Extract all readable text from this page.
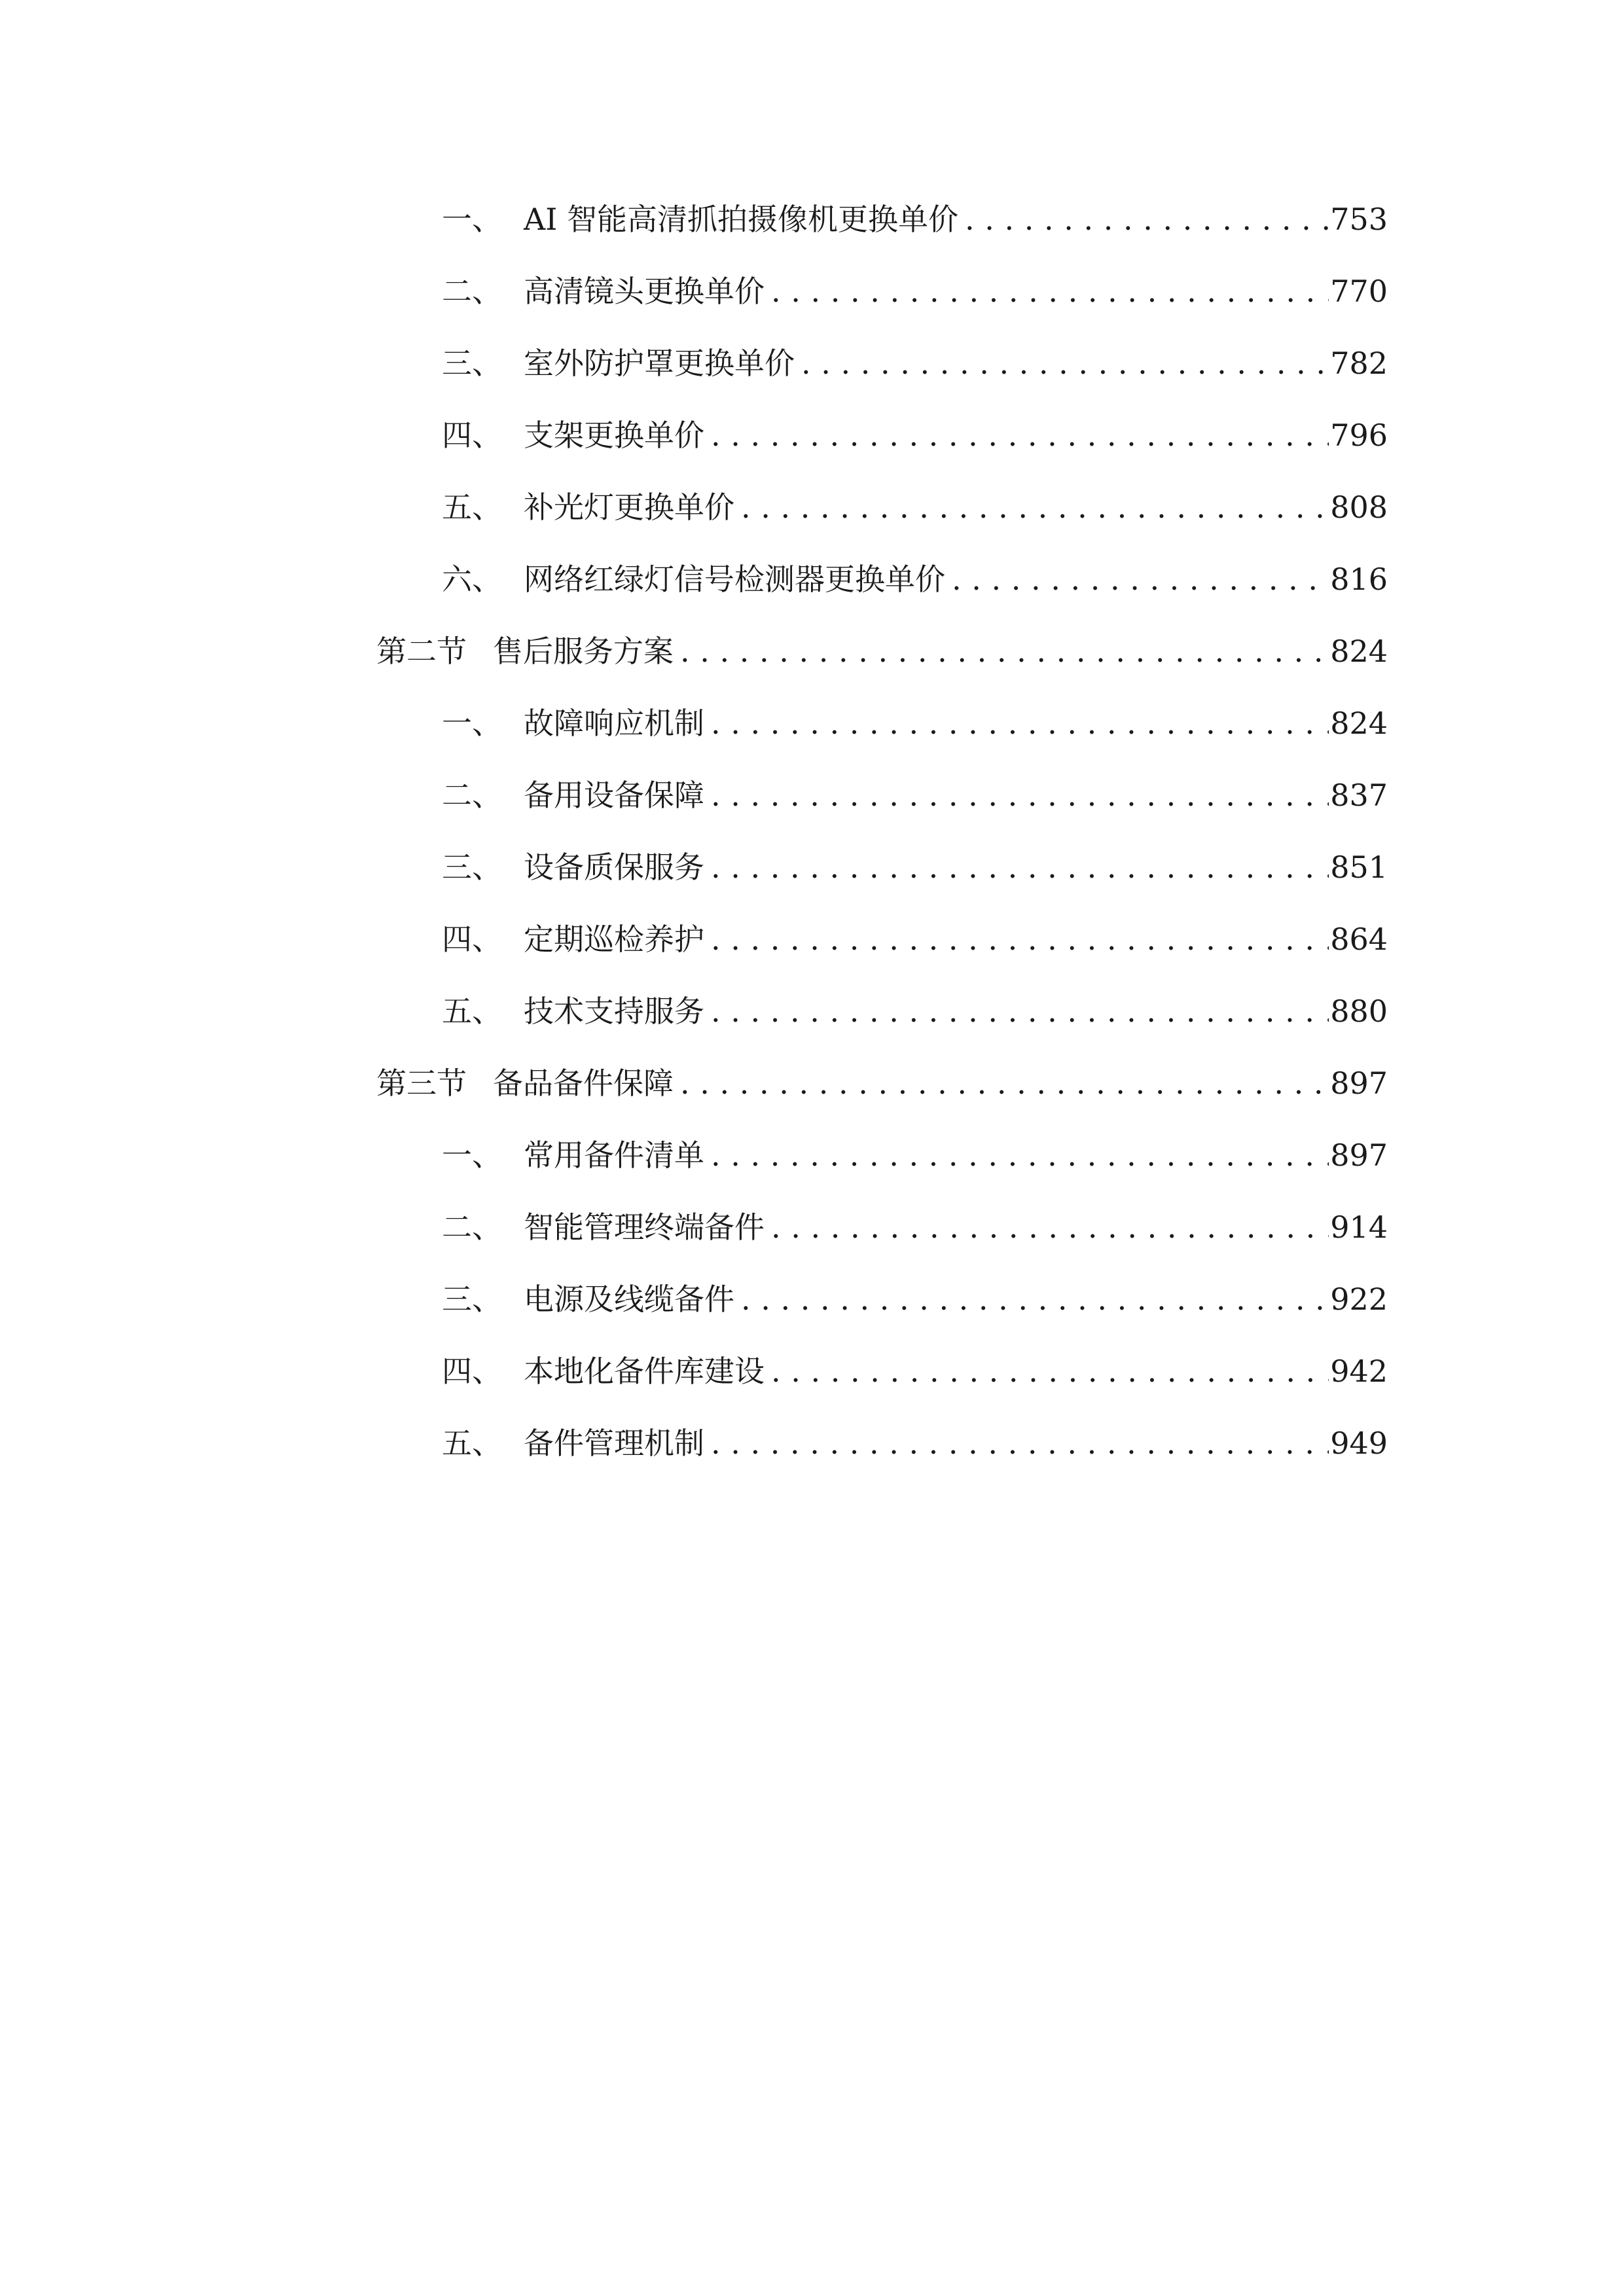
一、 AI 智能高清抓拍摄像机更换单价 . . .	753
二、 高清镜头更换单价 . . .	770
三、 室外防护罩更换单价 . . .	782
四、 支架更换单价 . . .	796
五、 补光灯更换单价 . . .	808
六、 网络红绿灯信号检测器更换单价 . . .	816
第二节 售后服务方案 . . .	824
一、 故障响应机制 . . .	824
二、 备用设备保障 . . .	837
三、 设备质保服务 . . .	851
四、 定期巡检养护 . . .	864
五、 技术支持服务 . . .	880
第三节 备品备件保障 . . .	897
一、 常用备件清单 . . .	897
二、 智能管理终端备件 . . .	914
三、 电源及线缆备件 . . .	922
四、 本地化备件库建设 . . .	942
五、 备件管理机制 . . .	949
